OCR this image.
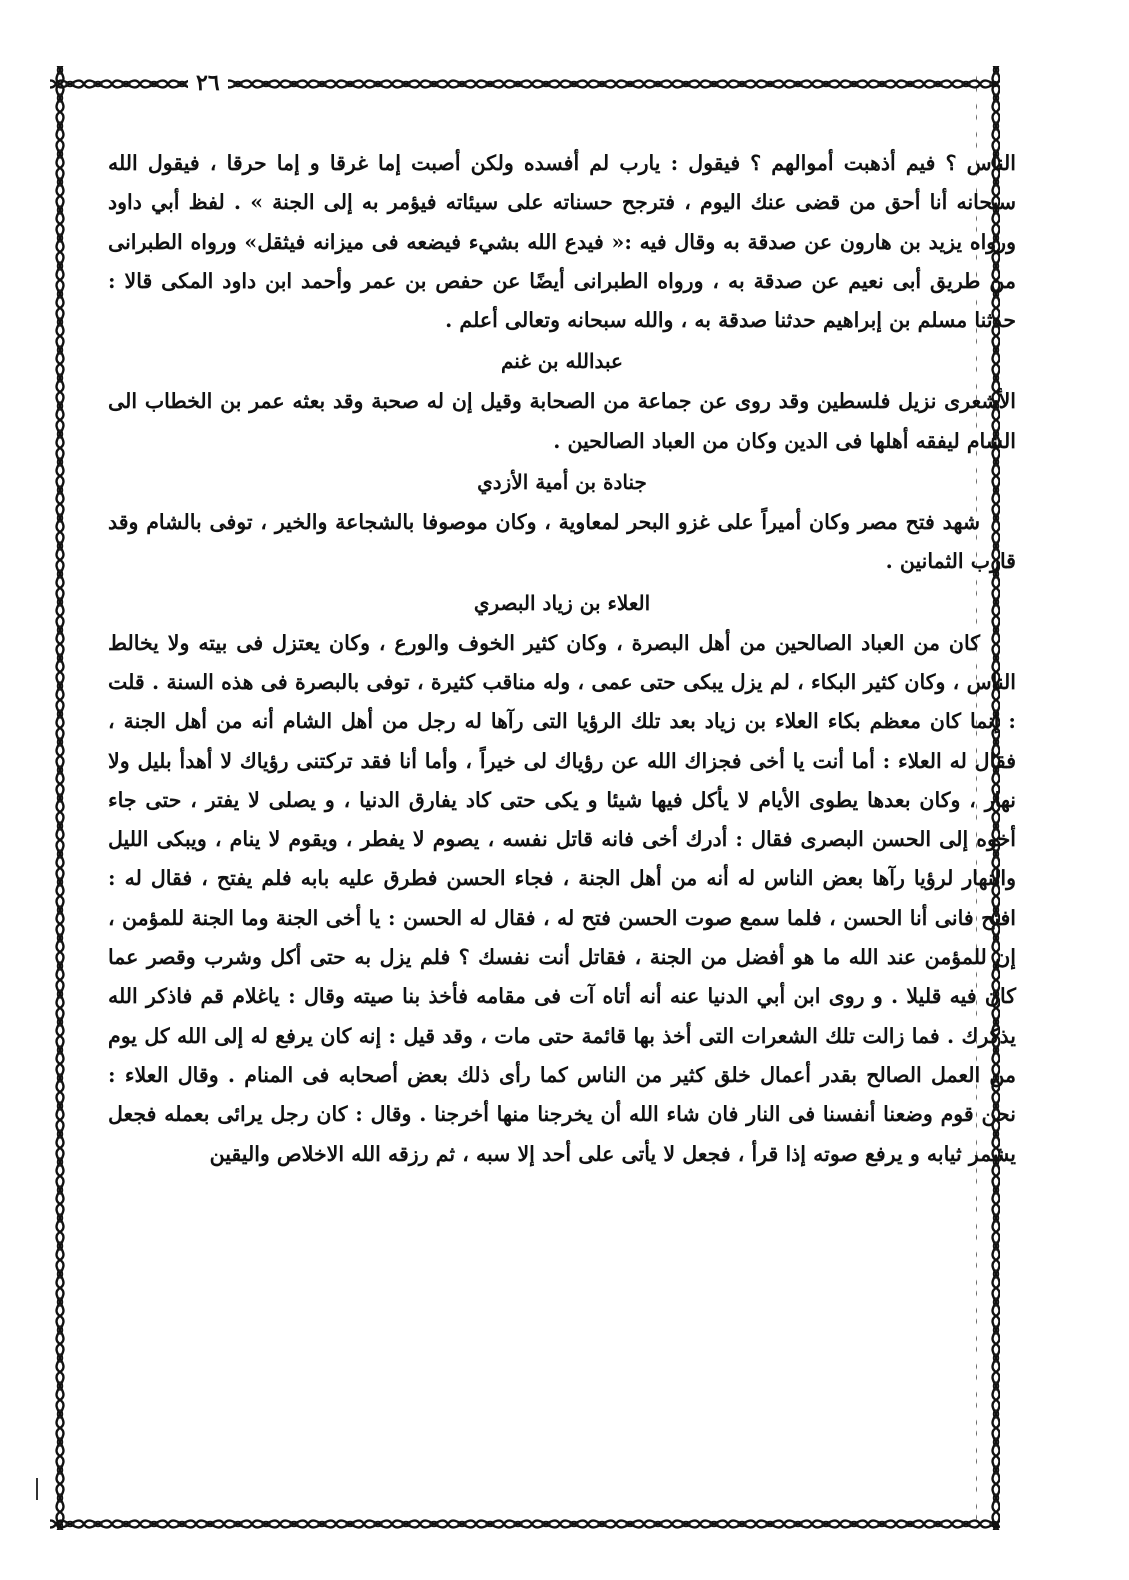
٢٦

الناس ؟ فيم أذهبت أموالهم ؟ فيقول : يارب لم أفسده ولكن أصبت إما غرقا و إما حرقا ، فيقول الله سبحانه أنا أحق من قضى عنك اليوم ، فترجح حسناته على سيئاته فيؤمر به إلى الجنة » . لفظ أبي داود ورواه يزيد بن هارون عن صدقة به وقال فيه :« فيدع الله بشيء فيضعه فى ميزانه فيثقل» ورواه الطبرانى من طريق أبى نعيم عن صدقة به ، ورواه الطبرانى أيضًا عن حفص بن عمر وأحمد ابن داود المكى قالا : حدثنا مسلم بن إبراهيم حدثنا صدقة به ، والله سبحانه وتعالى أعلم .

عبدالله بن غنم

الأشعرى نزيل فلسطين وقد روى عن جماعة من الصحابة وقيل إن له صحبة وقد بعثه عمر بن الخطاب الى الشام ليفقه أهلها فى الدين وكان من العباد الصالحين .

جنادة بن أمية الأزدي

شهد فتح مصر وكان أميراً على غزو البحر لمعاوية ، وكان موصوفا بالشجاعة والخير ، توفى بالشام وقد قارب الثمانين .

العلاء بن زياد البصري

كان من العباد الصالحين من أهل البصرة ، وكان كثير الخوف والورع ، وكان يعتزل فى بيته ولا يخالط الناس ، وكان كثير البكاء ، لم يزل يبكى حتى عمى ، وله مناقب كثيرة ، توفى بالبصرة فى هذه السنة . قلت : إنما كان معظم بكاء العلاء بن زياد بعد تلك الرؤيا التى رآها له رجل من أهل الشام أنه من أهل الجنة ، فقال له العلاء : أما أنت يا أخى فجزاك الله عن رؤياك لى خيراً ، وأما أنا فقد تركتنى رؤياك لا أهدأ بليل ولا نهار ، وكان بعدها يطوى الأيام لا يأكل فيها شيئا و يكى حتى كاد يفارق الدنيا ، و يصلى لا يفتر ، حتى جاء أخوه إلى الحسن البصرى فقال : أدرك أخى فانه قاتل نفسه ، يصوم لا يفطر ، ويقوم لا ينام ، ويبكى الليل والنهار لرؤيا رآها بعض الناس له أنه من أهل الجنة ، فجاء الحسن فطرق عليه بابه فلم يفتح ، فقال له : افتح فانى أنا الحسن ، فلما سمع صوت الحسن فتح له ، فقال له الحسن : يا أخى الجنة وما الجنة للمؤمن ، إن للمؤمن عند الله ما هو أفضل من الجنة ، فقاتل أنت نفسك ؟ فلم يزل به حتى أكل وشرب وقصر عما كان فيه قليلا . و روى ابن أبي الدنيا عنه أنه أتاه آت فى مقامه فأخذ بنا صيته وقال : ياغلام قم فاذكر الله يذكرك . فما زالت تلك الشعرات التى أخذ بها قائمة حتى مات ، وقد قيل : إنه كان يرفع له إلى الله كل يوم من العمل الصالح بقدر أعمال خلق كثير من الناس كما رأى ذلك بعض أصحابه فى المنام . وقال العلاء : نحن قوم وضعنا أنفسنا فى النار فان شاء الله أن يخرجنا منها أخرجنا . وقال : كان رجل يرائى بعمله فجعل يشمر ثيابه و يرفع صوته إذا قرأ ، فجعل لا يأتى على أحد إلا سبه ، ثم رزقه الله الاخلاص واليقين
